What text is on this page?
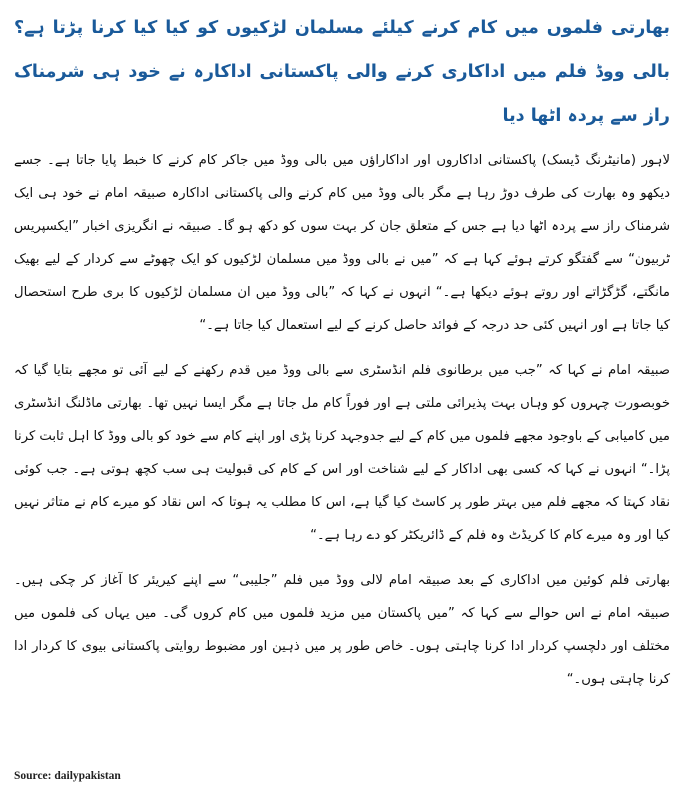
بھارتی فلموں میں کام کرنے کیلئے مسلمان لڑکیوں کو کیا کیا کرنا پڑتا ہے؟ بالی ووڈ فلم میں اداکاری کرنے والی پاکستانی اداکارہ نے خود ہی شرمناک راز سے پردہ اٹھا دیا

لاہور (مانیٹرنگ ڈیسک) پاکستانی اداکاروں اور اداکاراؤں میں بالی ووڈ میں جاکر کام کرنے کا خبط پایا جاتا ہے۔ جسے دیکھو وہ بھارت کی طرف دوڑ رہا ہے مگر بالی ووڈ میں کام کرنے والی پاکستانی اداکارہ صبیقہ امام نے خود ہی ایک شرمناک راز سے پردہ اٹھا دیا ہے جس کے متعلق جان کر بہت سوں کو دکھ ہو گا۔ صبیقہ نے انگریزی اخبار ”ایکسپریس ٹربیون“ سے گفتگو کرتے ہوئے کہا ہے کہ ”میں نے بالی ووڈ میں مسلمان لڑکیوں کو ایک چھوٹے سے کردار کے لیے بھیک مانگتے، گڑگڑاتے اور روتے ہوئے دیکھا ہے۔“ انہوں نے کہا کہ ”بالی ووڈ میں ان مسلمان لڑکیوں کا بری طرح استحصال کیا جاتا ہے اور انہیں کئی حد درجہ کے فوائد حاصل کرنے کے لیے استعمال کیا جاتا ہے۔“

صبیقہ امام نے کہا کہ ”جب میں برطانوی فلم انڈسٹری سے بالی ووڈ میں قدم رکھنے کے لیے آئی تو مجھے بتایا گیا کہ خوبصورت چہروں کو وہاں بہت پذیرائی ملتی ہے اور فوراً کام مل جاتا ہے مگر ایسا نہیں تھا۔ بھارتی ماڈلنگ انڈسٹری میں کامیابی کے باوجود مجھے فلموں میں کام کے لیے جدوجہد کرنا پڑی اور اپنے کام سے خود کو بالی ووڈ کا اہل ثابت کرنا پڑا۔“ انہوں نے کہا کہ کسی بھی اداکار کے لیے شناخت اور اس کے کام کی قبولیت ہی سب کچھ ہوتی ہے۔ جب کوئی نقاد کہتا کہ مجھے فلم میں بہتر طور پر کاسٹ کیا گیا ہے، اس کا مطلب یہ ہوتا کہ اس نقاد کو میرے کام نے متاثر نہیں کیا اور وہ میرے کام کا کریڈٹ وہ فلم کے ڈائریکٹر کو دے رہا ہے۔“

بھارتی فلم کوئین میں اداکاری کے بعد صبیقہ امام لالی ووڈ میں فلم ”جلیبی“ سے اپنے کیریئر کا آغاز کر چکی ہیں۔ صبیقہ امام نے اس حوالے سے کہا کہ ”میں پاکستان میں مزید فلموں میں کام کروں گی۔ میں یہاں کی فلموں میں مختلف اور دلچسپ کردار ادا کرنا چاہتی ہوں۔ خاص طور پر میں ذہین اور مضبوط روایتی پاکستانی بیوی کا کردار ادا کرنا چاہتی ہوں۔“

Source: dailypakistan
